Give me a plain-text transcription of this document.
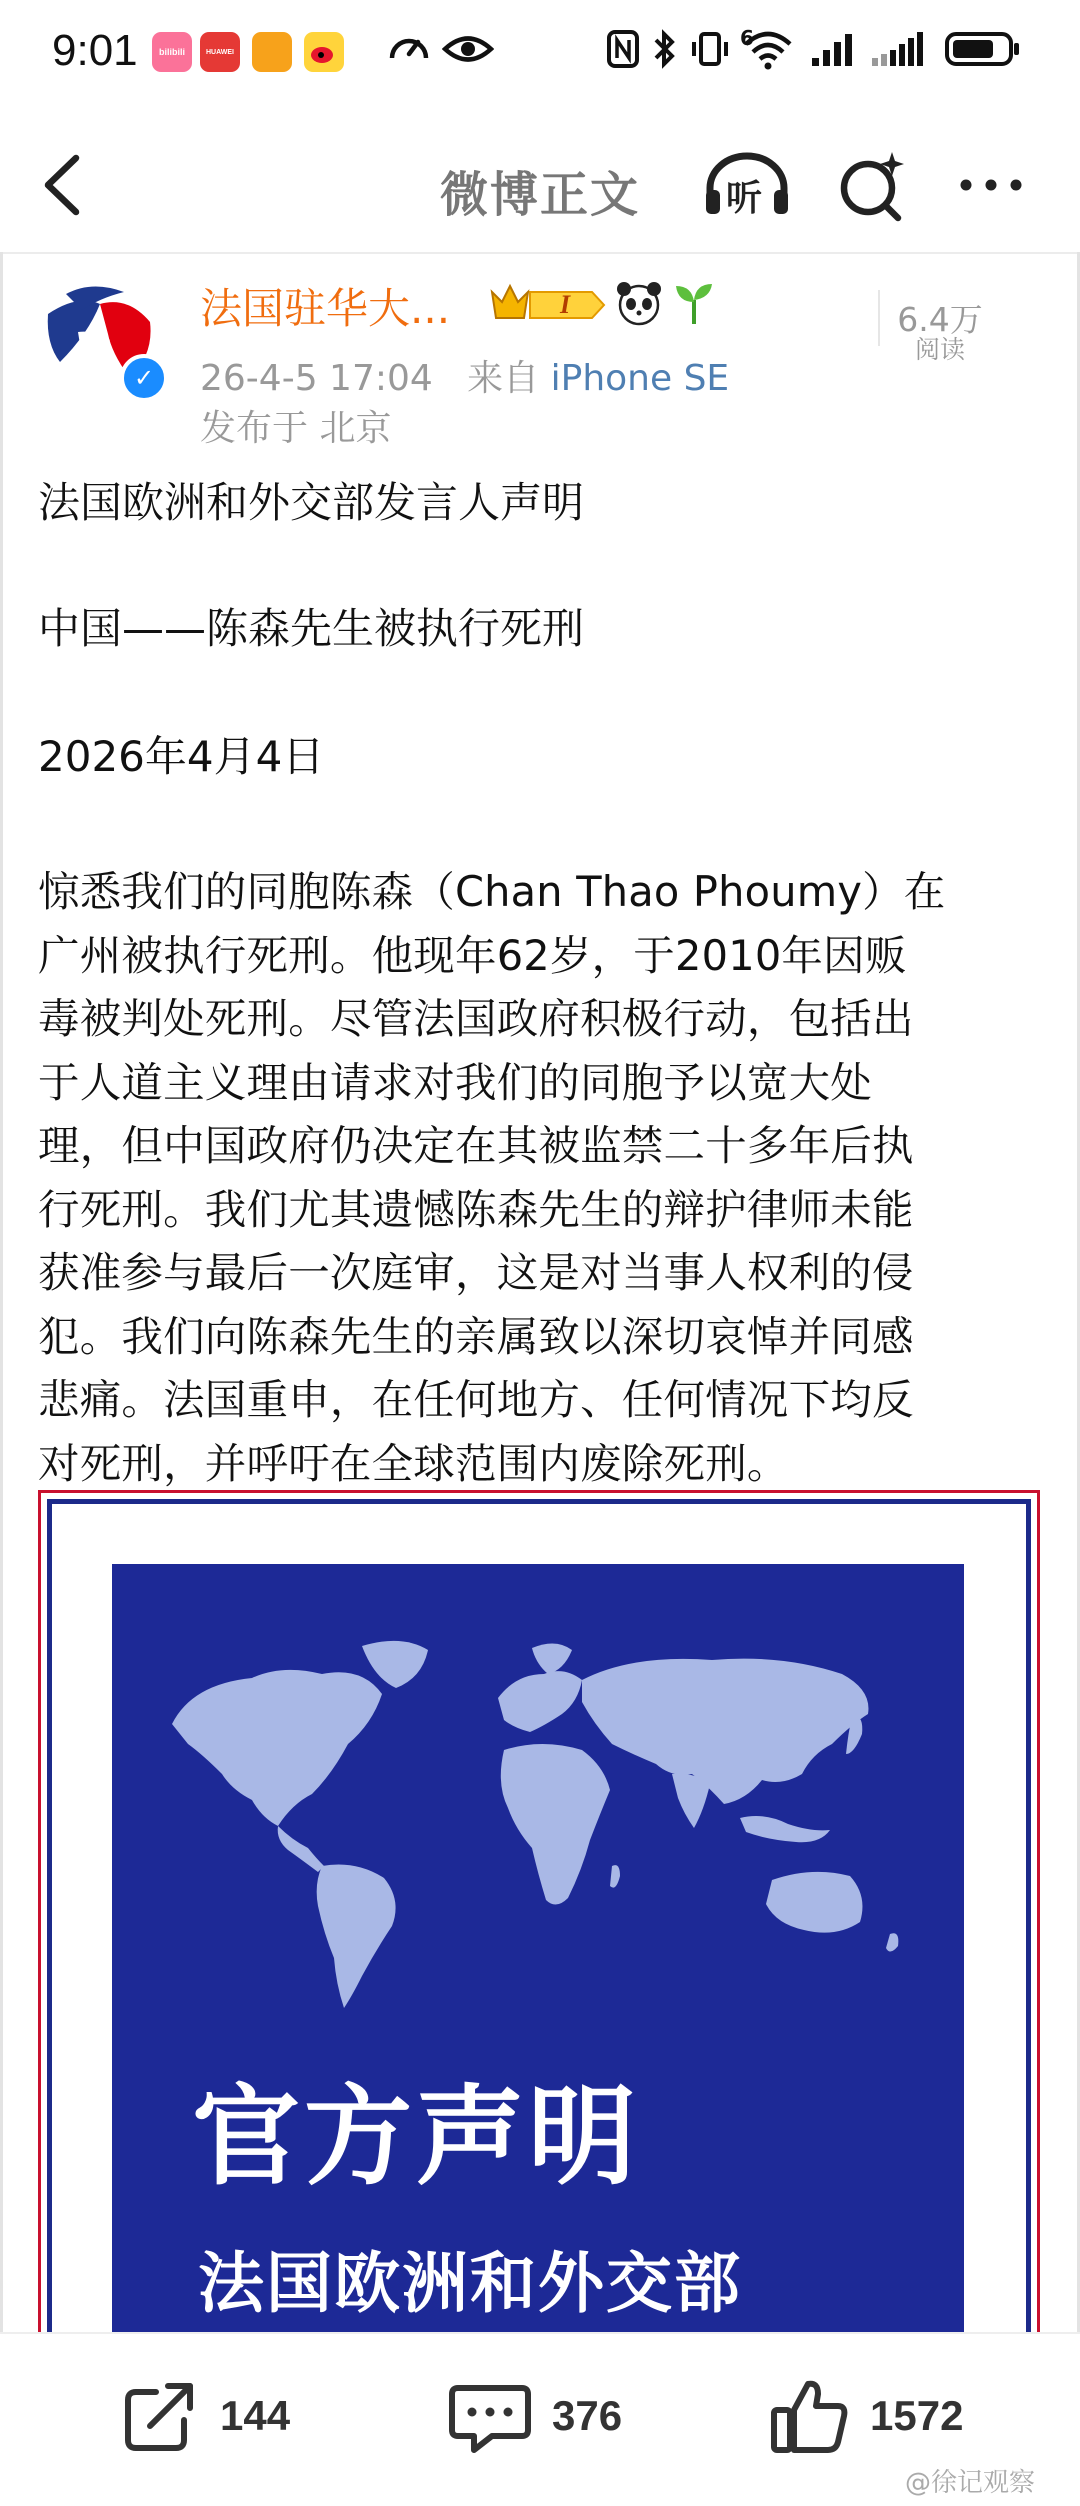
9:01	bilibili	HUAWEI
6
微博正文	听
✓
法国驻华大...	I
26-4-5 17:04 来自 iPhone SE
发布于 北京
6.4万
阅读
法国欧洲和外交部发言人声明
中国——陈森先生被执行死刑
2026年4月4日
惊悉我们的同胞陈森（Chan Thao Phoumy）在
广州被执行死刑。他现年62岁，于2010年因贩
毒被判处死刑。尽管法国政府积极行动，包括出
于人道主义理由请求对我们的同胞予以宽大处
理，但中国政府仍决定在其被监禁二十多年后执
行死刑。我们尤其遗憾陈森先生的辩护律师未能
获准参与最后一次庭审，这是对当事人权利的侵
犯。我们向陈森先生的亲属致以深切哀悼并同感
悲痛。法国重申，在任何地方、任何情况下均反
对死刑，并呼吁在全球范围内废除死刑。
官方声明
法国欧洲和外交部
144	376	1572
@徐记观察
